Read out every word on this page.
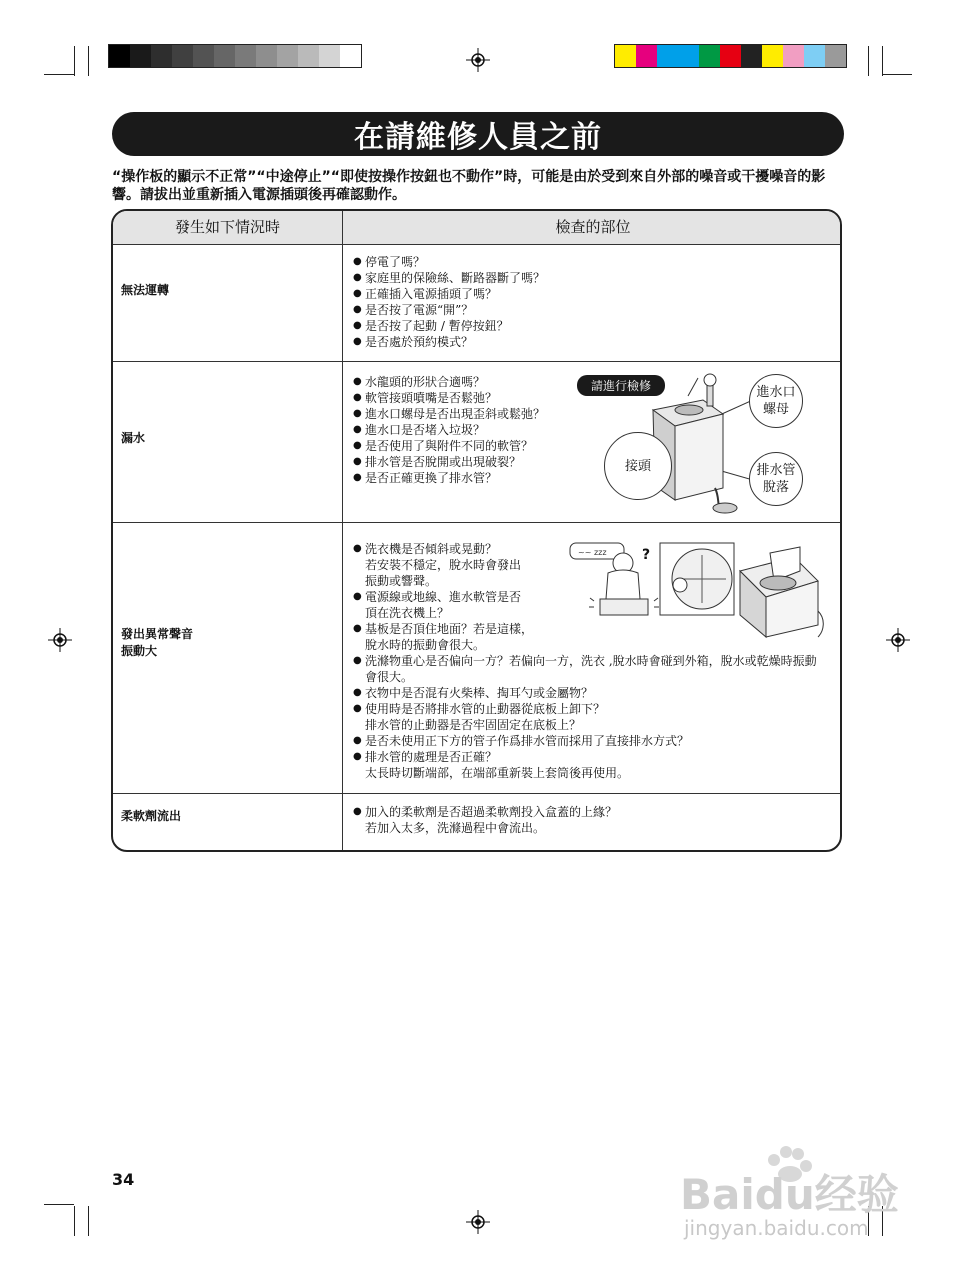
在請維修人員之前
“操作板的顯示不正常”“中途停止”“即使按操作按鈕也不動作”時，可能是由於受到來自外部的噪音或干擾噪音的影響。請拔出並重新插入電源插頭後再確認動作。
發生如下情況時	檢查的部位
無法運轉
● 停電了嗎？
● 家庭里的保險絲、斷路器斷了嗎？
● 正確插入電源插頭了嗎？
● 是否按了電源“開”？
● 是否按了起動 / 暫停按鈕？
● 是否處於預約模式？
漏水
● 水龍頭的形狀合適嗎？
● 軟管接頭噴嘴是否鬆弛？
● 進水口螺母是否出現歪斜或鬆弛？
● 進水口是否堵入垃圾？
● 是否使用了與附件不同的軟管？
● 排水管是否脫開或出現破裂？
● 是否正確更換了排水管？
請進行檢修	進水口螺母
接頭	排水管脫落
發出異常聲音
振動大
● 洗衣機是否傾斜或晃動？
若安裝不穩定，脫水時會發出
振動或響聲。
● 電源線或地線、進水軟管是否
頂在洗衣機上？
● 基板是否頂住地面？若是這樣，
脫水時的振動會很大。
● 洗滌物重心是否偏向一方？若偏向一方，洗衣 ,脫水時會碰到外箱，脫水或乾燥時振動
會很大。
● 衣物中是否混有火柴棒、掏耳勺或金屬物？
● 使用時是否將排水管的止動器從底板上卸下？
排水管的止動器是否牢固固定在底板上？
● 是否未使用正下方的管子作爲排水管而採用了直接排水方式？
● 排水管的處理是否正確？
太長時切斷端部，在端部重新裝上套筒後再使用。
~~ zzz	?
柔軟劑流出
●	加入的柔軟劑是否超過柔軟劑投入盒蓋的上緣？
若加入太多，洗滌過程中會流出。
34	Baidu经验
jingyan.baidu.com
